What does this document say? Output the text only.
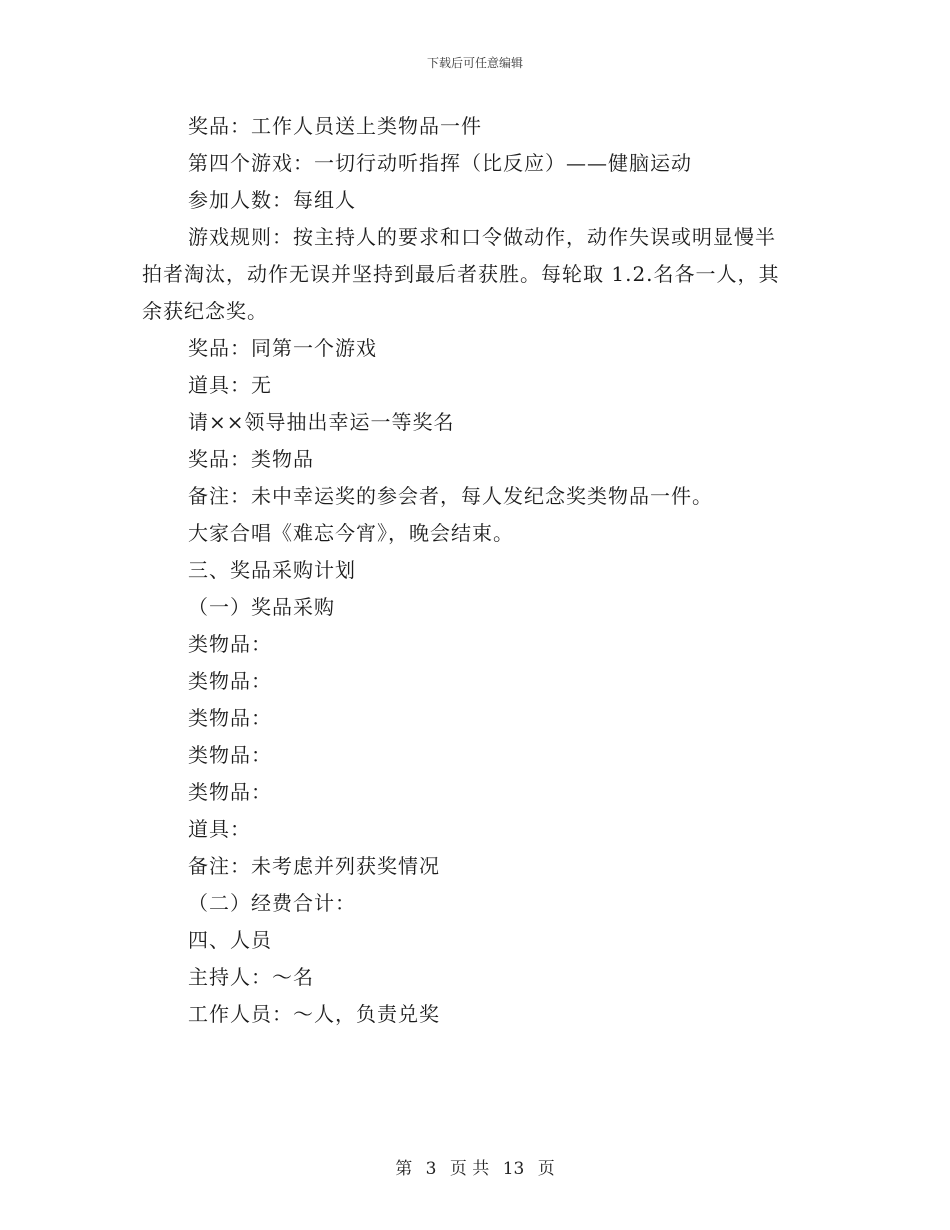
下载后可任意编辑
奖品：工作人员送上类物品一件
第四个游戏：一切行动听指挥（比反应）——健脑运动
参加人数：每组人
游戏规则：按主持人的要求和口令做动作，动作失误或明显慢半
拍者淘汰，动作无误并坚持到最后者获胜。每轮取 1.2.名各一人，其
余获纪念奖。
奖品：同第一个游戏
道具：无
请××领导抽出幸运一等奖名
奖品：类物品
备注：未中幸运奖的参会者，每人发纪念奖类物品一件。
大家合唱《难忘今宵》，晚会结束。
三、奖品采购计划
（一）奖品采购
类物品：
类物品：
类物品：
类物品：
类物品：
道具：
备注：未考虑并列获奖情况
（二）经费合计：
四、人员
主持人：～名
工作人员：～人，负责兑奖
第 3 页 共 13 页
